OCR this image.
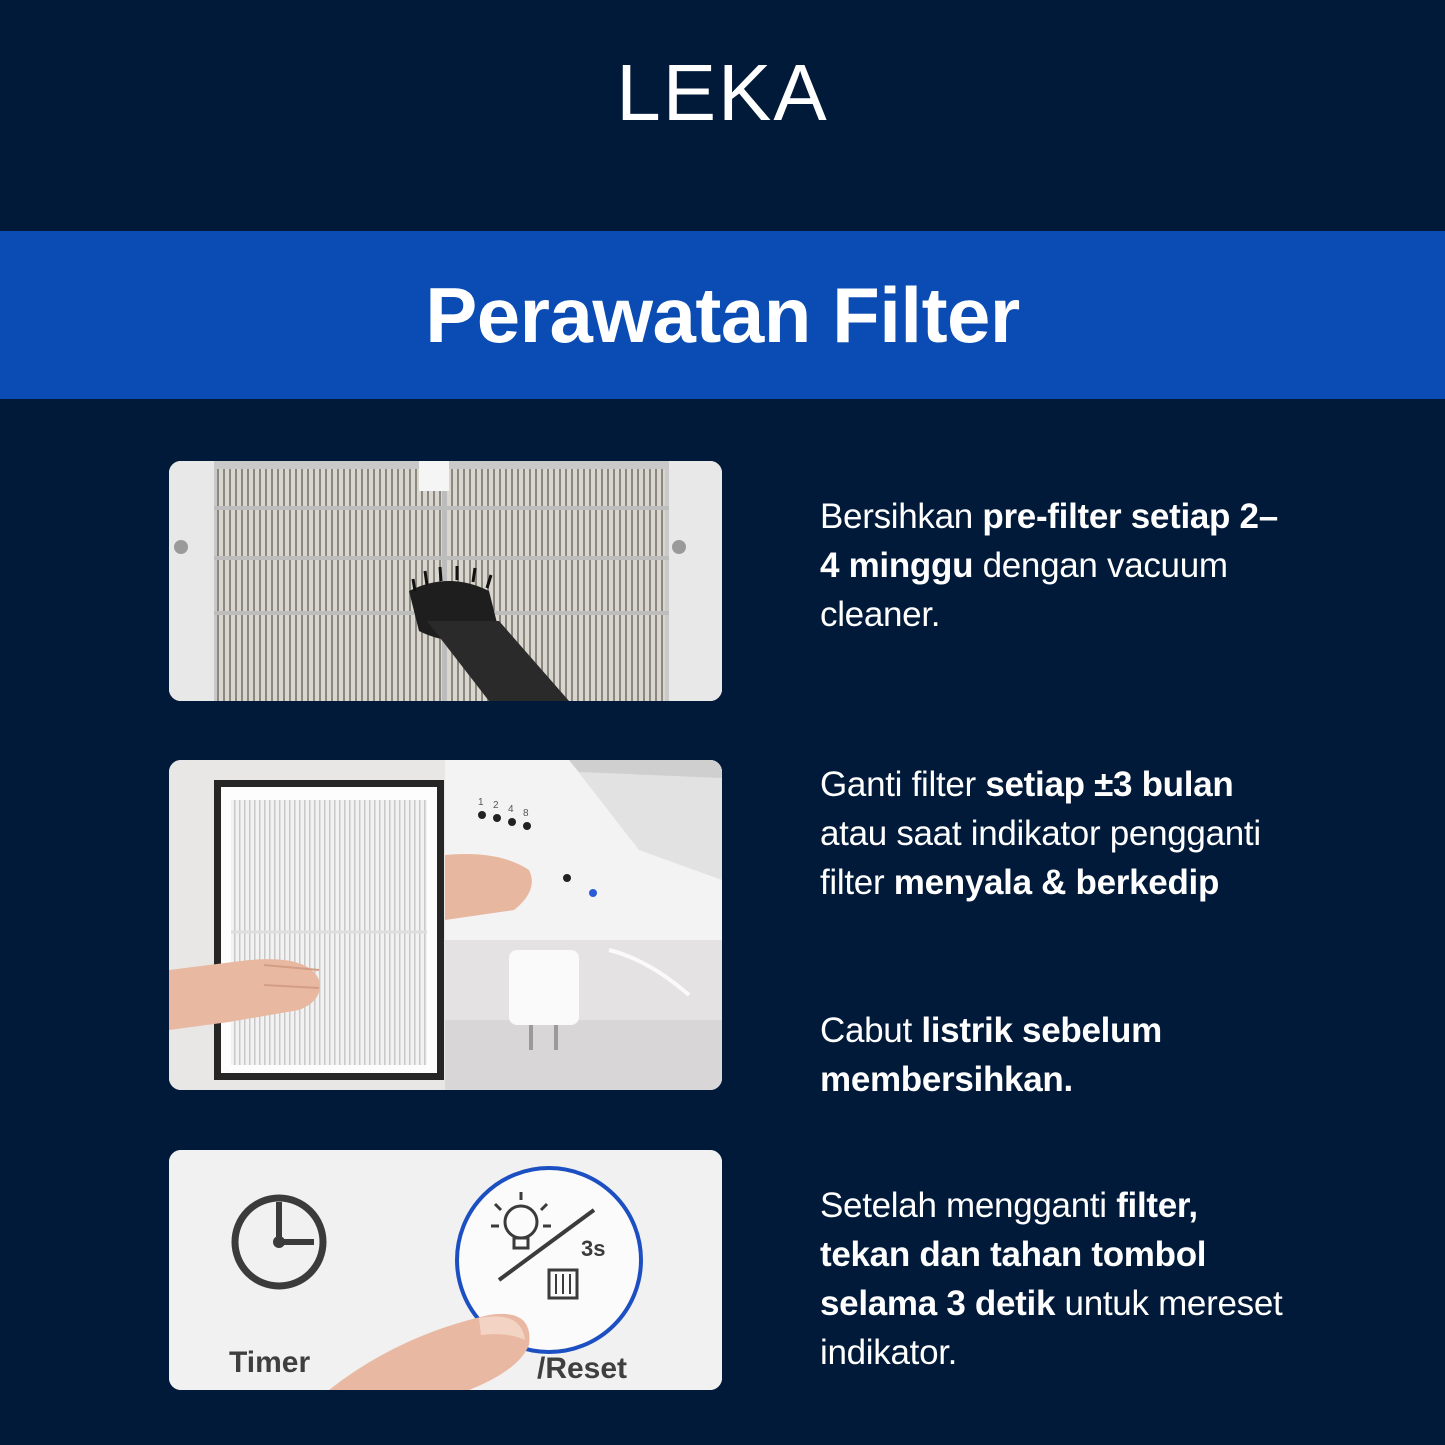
LEKA
Perawatan Filter
1 2 4 8
Timer
3s
/Reset
Bersihkan pre-filter setiap 2–4 minggu dengan vacuum cleaner.
Ganti filter setiap ±3 bulan atau saat indikator pengganti filter menyala & berkedip
Cabut listrik sebelum membersihkan.
Setelah mengganti filter, tekan dan tahan tombol selama 3 detik untuk mereset indikator.
